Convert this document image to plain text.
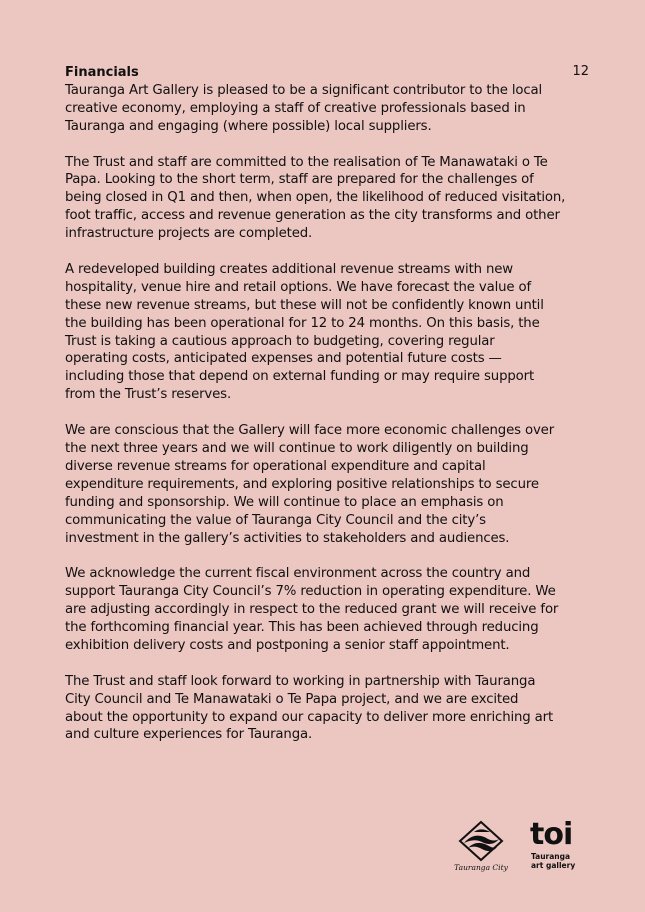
12
Financials

Tauranga Art Gallery is pleased to be a significant contributor to the local
creative economy, employing a staff of creative professionals based in
Tauranga and engaging (where possible) local suppliers.

The Trust and staff are committed to the realisation of Te Manawataki o Te
Papa. Looking to the short term, staff are prepared for the challenges of
being closed in Q1 and then, when open, the likelihood of reduced visitation,
foot traffic, access and revenue generation as the city transforms and other
infrastructure projects are completed.

A redeveloped building creates additional revenue streams with new
hospitality, venue hire and retail options. We have forecast the value of
these new revenue streams, but these will not be confidently known until
the building has been operational for 12 to 24 months. On this basis, the
Trust is taking a cautious approach to budgeting, covering regular
operating costs, anticipated expenses and potential future costs —
including those that depend on external funding or may require support
from the Trust’s reserves.

We are conscious that the Gallery will face more economic challenges over
the next three years and we will continue to work diligently on building
diverse revenue streams for operational expenditure and capital
expenditure requirements, and exploring positive relationships to secure
funding and sponsorship. We will continue to place an emphasis on
communicating the value of Tauranga City Council and the city’s
investment in the gallery’s activities to stakeholders and audiences.

We acknowledge the current fiscal environment across the country and
support Tauranga City Council’s 7% reduction in operating expenditure. We
are adjusting accordingly in respect to the reduced grant we will receive for
the forthcoming financial year. This has been achieved through reducing
exhibition delivery costs and postponing a senior staff appointment.

The Trust and staff look forward to working in partnership with Tauranga
City Council and Te Manawataki o Te Papa project, and we are excited
about the opportunity to expand our capacity to deliver more enriching art
and culture experiences for Tauranga.

Tauranga City
toi
Tauranga
art gallery
